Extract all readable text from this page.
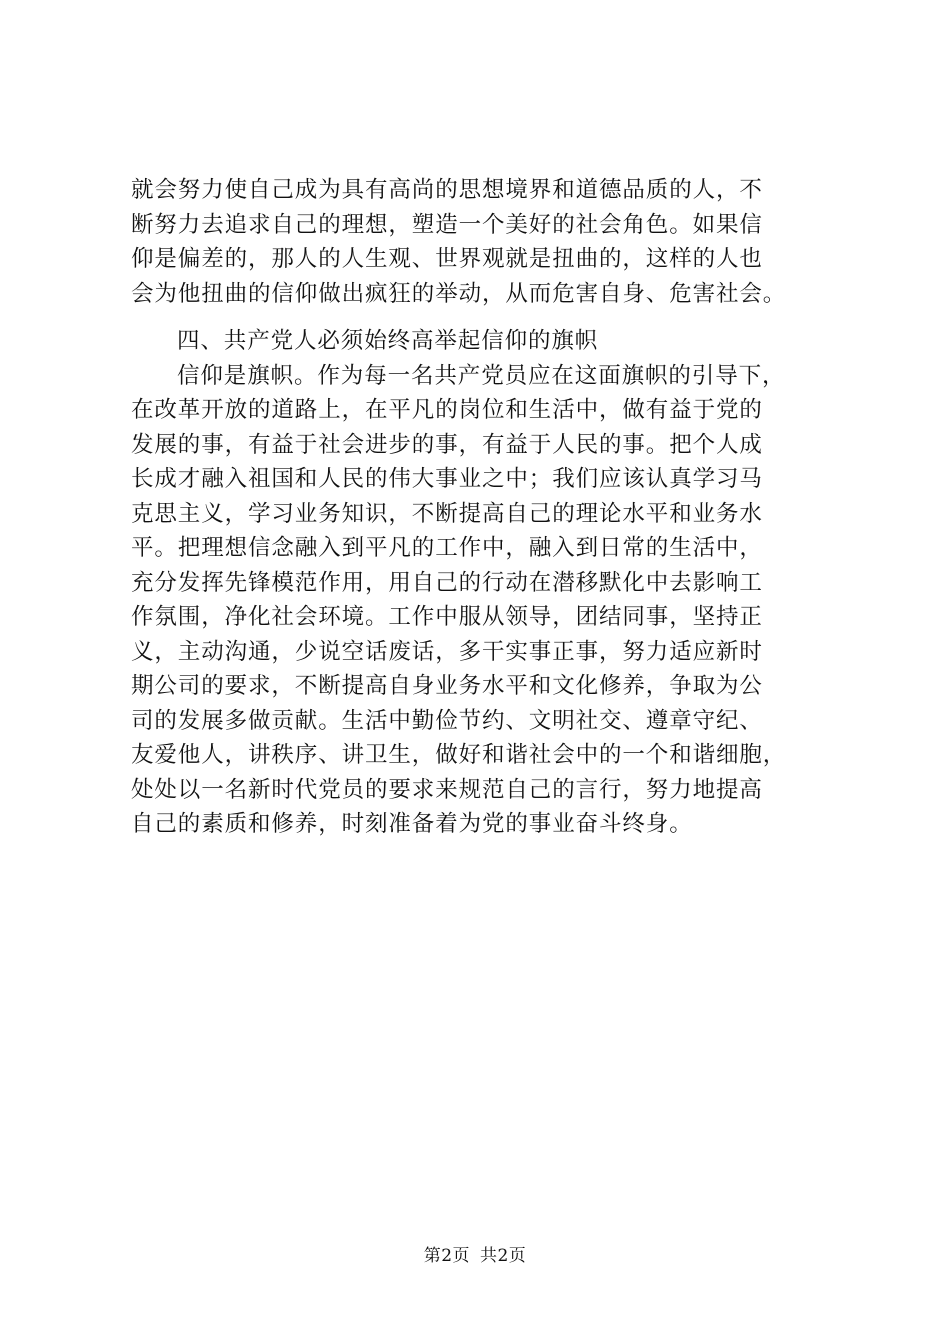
就会努力使自己成为具有高尚的思想境界和道德品质的人，不
断努力去追求自己的理想，塑造一个美好的社会角色。如果信
仰是偏差的，那人的人生观、世界观就是扭曲的，这样的人也
会为他扭曲的信仰做出疯狂的举动，从而危害自身、危害社会。
四、共产党人必须始终高举起信仰的旗帜
信仰是旗帜。作为每一名共产党员应在这面旗帜的引导下，
在改革开放的道路上，在平凡的岗位和生活中，做有益于党的
发展的事，有益于社会进步的事，有益于人民的事。把个人成
长成才融入祖国和人民的伟大事业之中；我们应该认真学习马
克思主义，学习业务知识，不断提高自己的理论水平和业务水
平。把理想信念融入到平凡的工作中，融入到日常的生活中，
充分发挥先锋模范作用，用自己的行动在潜移默化中去影响工
作氛围，净化社会环境。工作中服从领导，团结同事，坚持正
义，主动沟通，少说空话废话，多干实事正事，努力适应新时
期公司的要求，不断提高自身业务水平和文化修养，争取为公
司的发展多做贡献。生活中勤俭节约、文明社交、遵章守纪、
友爱他人，讲秩序、讲卫生，做好和谐社会中的一个和谐细胞，
处处以一名新时代党员的要求来规范自己的言行，努力地提高
自己的素质和修养，时刻准备着为党的事业奋斗终身。
第2页 共2页
